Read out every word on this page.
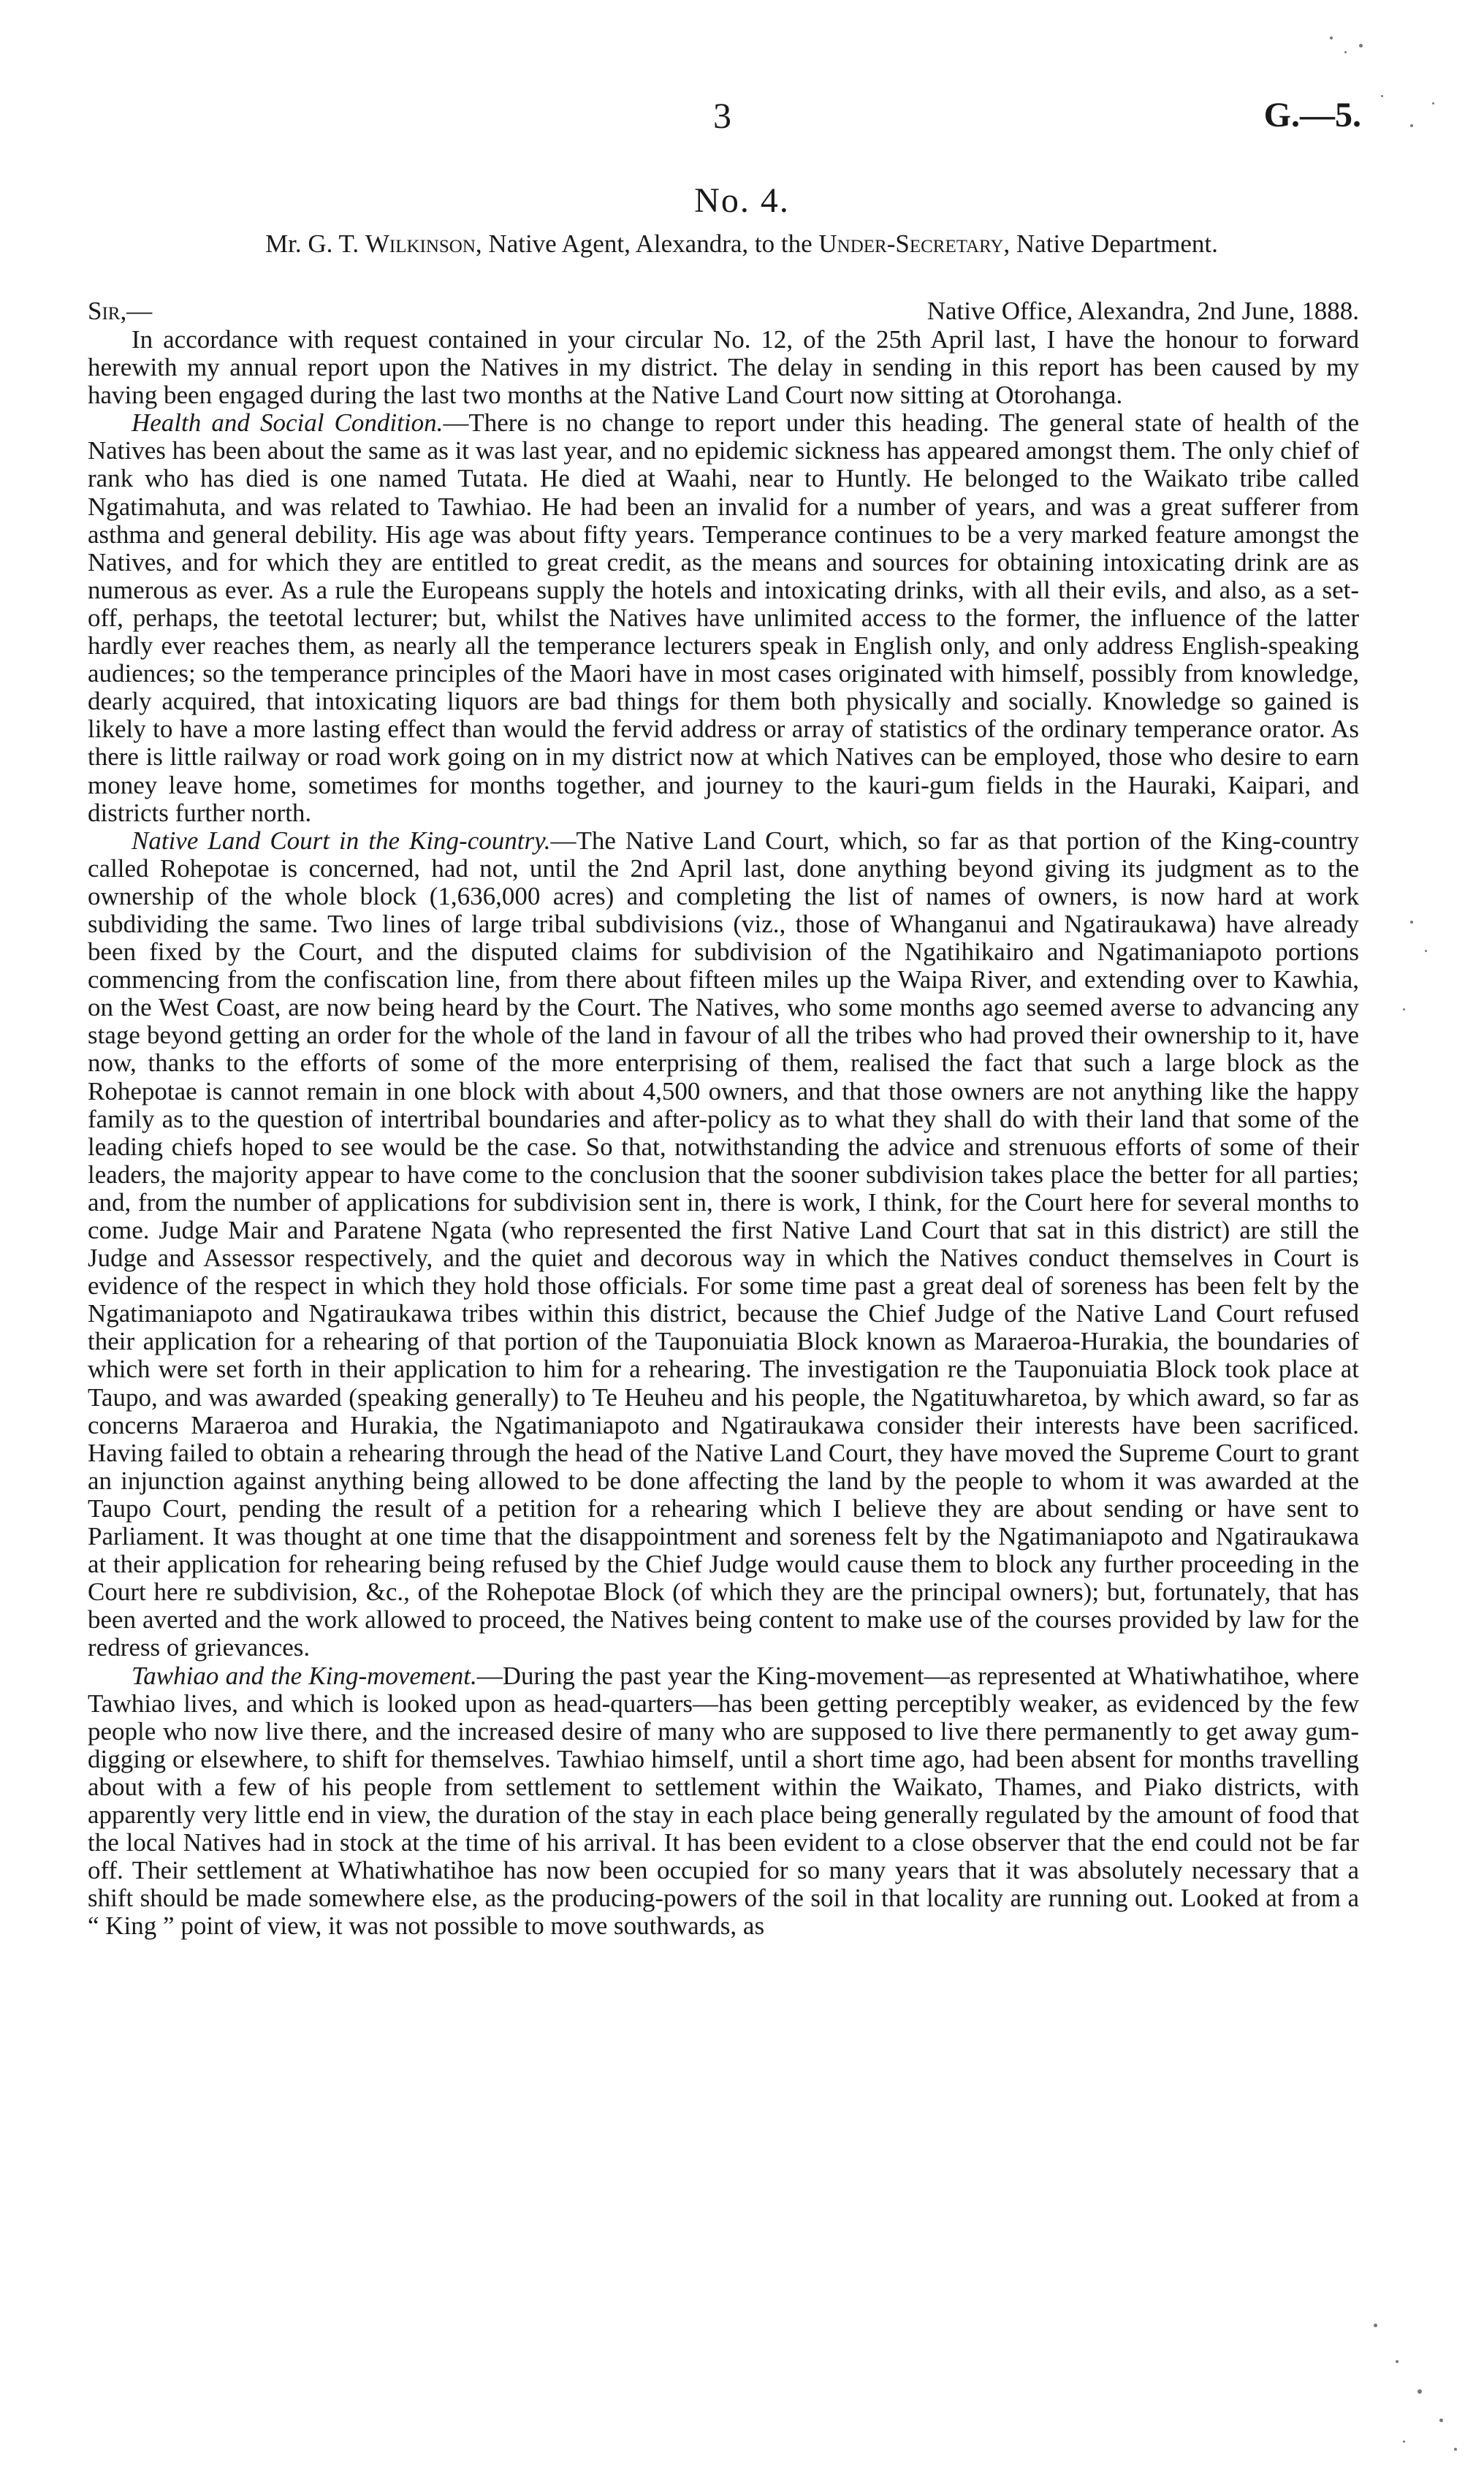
3	G.—5.
No. 4.
Mr. G. T. Wilkinson, Native Agent, Alexandra, to the Under-Secretary, Native Department.
Sir,—	Native Office, Alexandra, 2nd June, 1888.

In accordance with request contained in your circular No. 12, of the 25th April last, I have the honour to forward herewith my annual report upon the Natives in my district. The delay in sending in this report has been caused by my having been engaged during the last two months at the Native Land Court now sitting at Otorohanga.

Health and Social Condition.—There is no change to report under this heading. The general state of health of the Natives has been about the same as it was last year, and no epidemic sickness has appeared amongst them. The only chief of rank who has died is one named Tutata. He died at Waahi, near to Huntly. He belonged to the Waikato tribe called Ngatimahuta, and was related to Tawhiao. He had been an invalid for a number of years, and was a great sufferer from asthma and general debility. His age was about fifty years. Temperance continues to be a very marked feature amongst the Natives, and for which they are entitled to great credit, as the means and sources for obtaining intoxicating drink are as numerous as ever. As a rule the Europeans supply the hotels and intoxicating drinks, with all their evils, and also, as a set-off, perhaps, the teetotal lecturer; but, whilst the Natives have unlimited access to the former, the influence of the latter hardly ever reaches them, as nearly all the temperance lecturers speak in English only, and only address English-speaking audiences; so the temperance principles of the Maori have in most cases originated with himself, possibly from knowledge, dearly acquired, that intoxicating liquors are bad things for them both physically and socially. Knowledge so gained is likely to have a more lasting effect than would the fervid address or array of statistics of the ordinary temperance orator. As there is little railway or road work going on in my district now at which Natives can be employed, those who desire to earn money leave home, sometimes for months together, and journey to the kauri-gum fields in the Hauraki, Kaipari, and districts further north.

Native Land Court in the King-country.—The Native Land Court, which, so far as that portion of the King-country called Rohepotae is concerned, had not, until the 2nd April last, done anything beyond giving its judgment as to the ownership of the whole block (1,636,000 acres) and completing the list of names of owners, is now hard at work subdividing the same. Two lines of large tribal subdivisions (viz., those of Whanganui and Ngatiraukawa) have already been fixed by the Court, and the disputed claims for subdivision of the Ngatihikairo and Ngatimaniapoto portions commencing from the confiscation line, from there about fifteen miles up the Waipa River, and extending over to Kawhia, on the West Coast, are now being heard by the Court. The Natives, who some months ago seemed averse to advancing any stage beyond getting an order for the whole of the land in favour of all the tribes who had proved their ownership to it, have now, thanks to the efforts of some of the more enterprising of them, realised the fact that such a large block as the Rohepotae is cannot remain in one block with about 4,500 owners, and that those owners are not anything like the happy family as to the question of intertribal boundaries and after-policy as to what they shall do with their land that some of the leading chiefs hoped to see would be the case. So that, notwithstanding the advice and strenuous efforts of some of their leaders, the majority appear to have come to the conclusion that the sooner subdivision takes place the better for all parties; and, from the number of applications for subdivision sent in, there is work, I think, for the Court here for several months to come. Judge Mair and Paratene Ngata (who represented the first Native Land Court that sat in this district) are still the Judge and Assessor respectively, and the quiet and decorous way in which the Natives conduct themselves in Court is evidence of the respect in which they hold those officials. For some time past a great deal of soreness has been felt by the Ngatimaniapoto and Ngatiraukawa tribes within this district, because the Chief Judge of the Native Land Court refused their application for a rehearing of that portion of the Tauponuiatia Block known as Maraeroa-Hurakia, the boundaries of which were set forth in their application to him for a rehearing. The investigation re the Tauponuiatia Block took place at Taupo, and was awarded (speaking generally) to Te Heuheu and his people, the Ngatituwharetoa, by which award, so far as concerns Maraeroa and Hurakia, the Ngatimaniapoto and Ngatiraukawa consider their interests have been sacrificed. Having failed to obtain a rehearing through the head of the Native Land Court, they have moved the Supreme Court to grant an injunction against anything being allowed to be done affecting the land by the people to whom it was awarded at the Taupo Court, pending the result of a petition for a rehearing which I believe they are about sending or have sent to Parliament. It was thought at one time that the disappointment and soreness felt by the Ngatimaniapoto and Ngatiraukawa at their application for rehearing being refused by the Chief Judge would cause them to block any further proceeding in the Court here re subdivision, &c., of the Rohepotae Block (of which they are the principal owners); but, fortunately, that has been averted and the work allowed to proceed, the Natives being content to make use of the courses provided by law for the redress of grievances.

Tawhiao and the King-movement.—During the past year the King-movement—as represented at Whatiwhatihoe, where Tawhiao lives, and which is looked upon as head-quarters—has been getting perceptibly weaker, as evidenced by the few people who now live there, and the increased desire of many who are supposed to live there permanently to get away gum-digging or elsewhere, to shift for themselves. Tawhiao himself, until a short time ago, had been absent for months travelling about with a few of his people from settlement to settlement within the Waikato, Thames, and Piako districts, with apparently very little end in view, the duration of the stay in each place being generally regulated by the amount of food that the local Natives had in stock at the time of his arrival. It has been evident to a close observer that the end could not be far off. Their settlement at Whatiwhatihoe has now been occupied for so many years that it was absolutely necessary that a shift should be made somewhere else, as the producing-powers of the soil in that locality are running out. Looked at from a “ King ” point of view, it was not possible to move southwards, as
